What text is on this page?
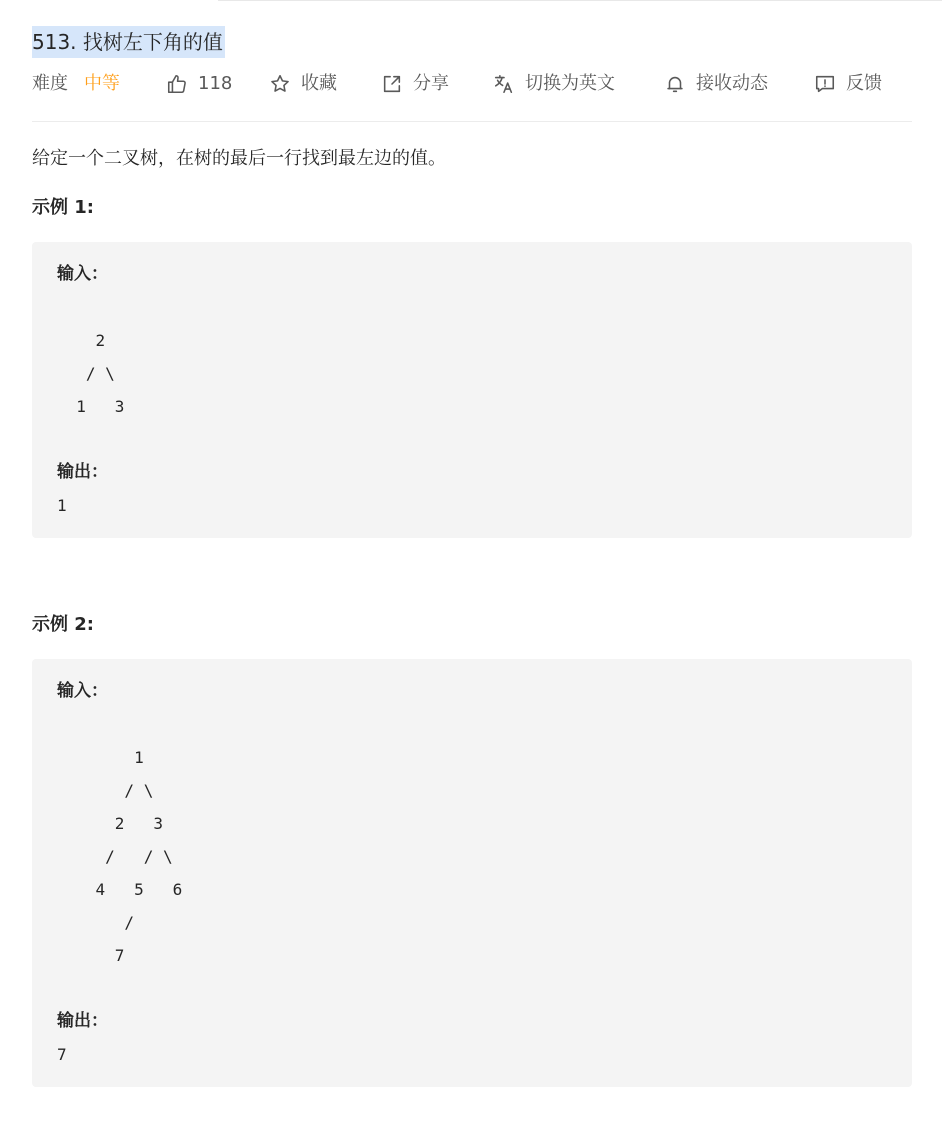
513. 找树左下角的值
难度 中等	118	收藏	分享	切换为英文	接收动态	反馈
给定一个二叉树，在树的最后一行找到最左边的值。
示例 1:
输入：

2
/ \
1   3

输出：
1
示例 2:
输入：

1
/ \
2   3
/   / \
4   5   6
/
7

输出：
7
